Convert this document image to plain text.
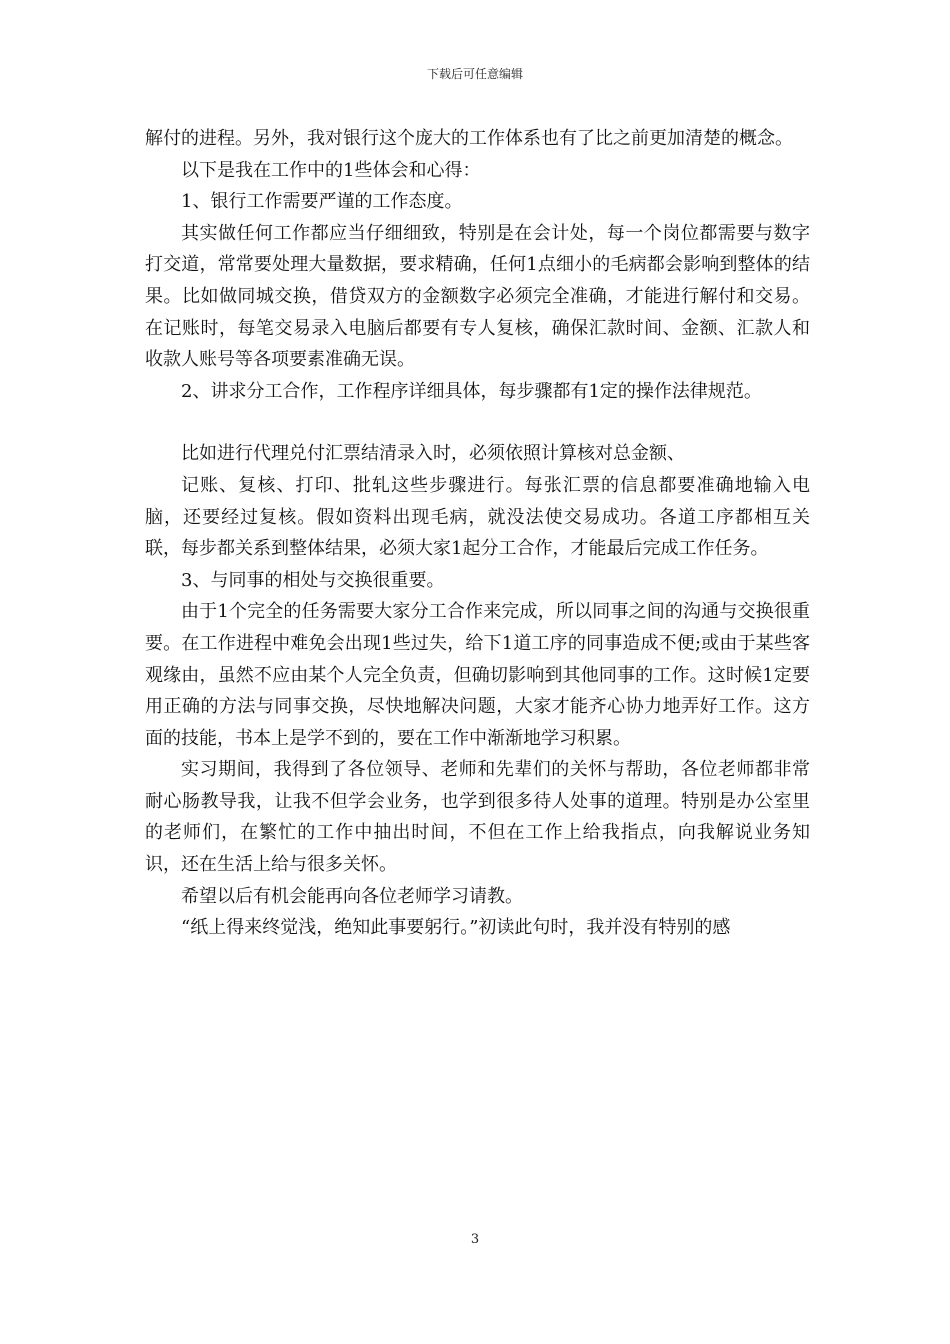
下载后可任意编辑

解付的进程。另外，我对银行这个庞大的工作体系也有了比之前更加清楚的概念。

以下是我在工作中的1些体会和心得：

1、银行工作需要严谨的工作态度。

其实做任何工作都应当仔细细致，特别是在会计处，每一个岗位都需要与数字打交道，常常要处理大量数据，要求精确，任何1点细小的毛病都会影响到整体的结果。比如做同城交换，借贷双方的金额数字必须完全准确，才能进行解付和交易。在记账时，每笔交易录入电脑后都要有专人复核，确保汇款时间、金额、汇款人和收款人账号等各项要素准确无误。

2、讲求分工合作，工作程序详细具体，每步骤都有1定的操作法律规范。

比如进行代理兑付汇票结清录入时，必须依照计算核对总金额、

记账、复核、打印、批轧这些步骤进行。每张汇票的信息都要准确地输入电脑，还要经过复核。假如资料出现毛病，就没法使交易成功。各道工序都相互关联，每步都关系到整体结果，必须大家1起分工合作，才能最后完成工作任务。

3、与同事的相处与交换很重要。

由于1个完全的任务需要大家分工合作来完成，所以同事之间的沟通与交换很重要。在工作进程中难免会出现1些过失，给下1道工序的同事造成不便;或由于某些客观缘由，虽然不应由某个人完全负责，但确切影响到其他同事的工作。这时候1定要用正确的方法与同事交换，尽快地解决问题，大家才能齐心协力地弄好工作。这方面的技能，书本上是学不到的，要在工作中渐渐地学习积累。

实习期间，我得到了各位领导、老师和先辈们的关怀与帮助，各位老师都非常耐心肠教导我，让我不但学会业务，也学到很多待人处事的道理。特别是办公室里的老师们，在繁忙的工作中抽出时间，不但在工作上给我指点，向我解说业务知识，还在生活上给与很多关怀。

希望以后有机会能再向各位老师学习请教。

“纸上得来终觉浅，绝知此事要躬行。”初读此句时，我并没有特别的感

3
